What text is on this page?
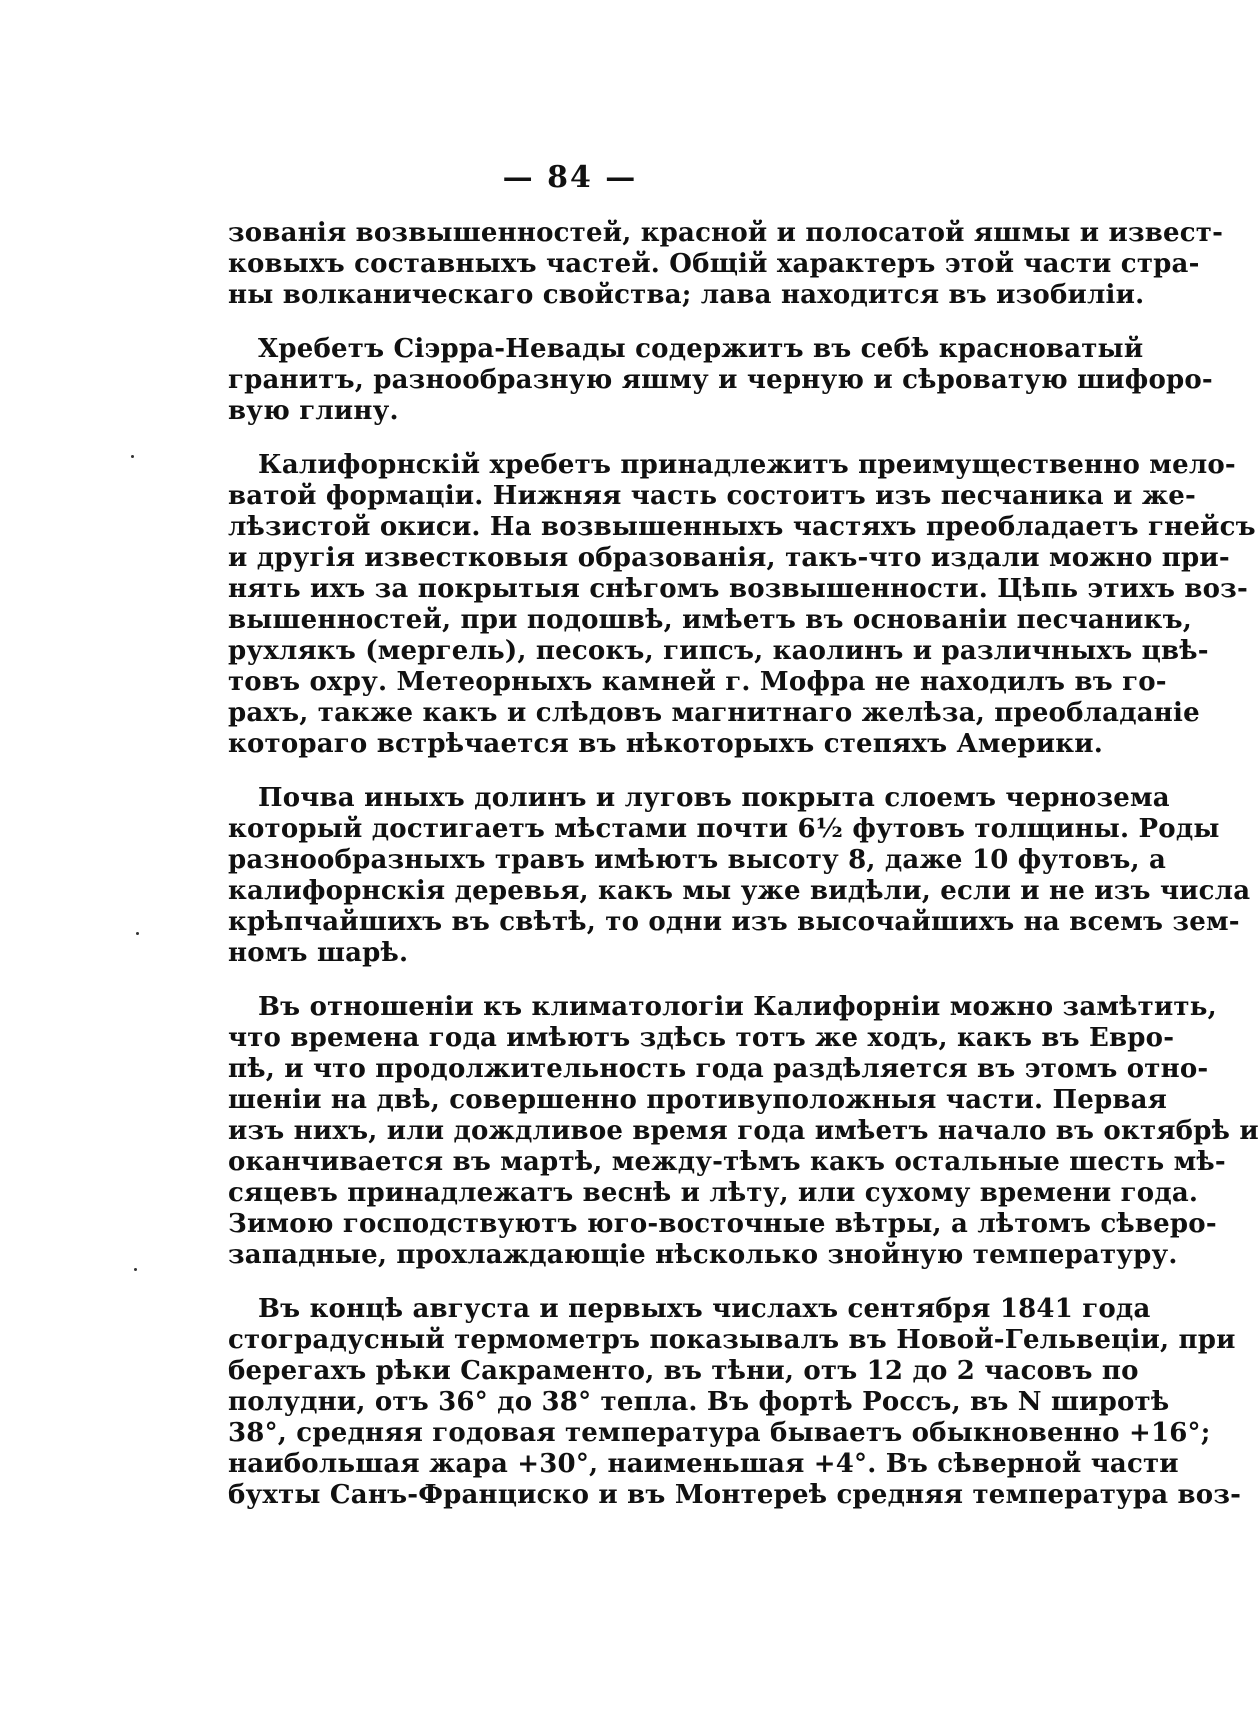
— 84 —
зованія возвышенностей, красной и полосатой яшмы и извест-
ковыхъ составныхъ частей. Общій характеръ этой части стра-
ны волканическаго свойства; лава находится въ изобиліи.
Хребетъ Сіэрра-Невады содержитъ въ себѣ красноватый
гранитъ, разнообразную яшму и черную и сѣроватую шифоро-
вую глину.
Калифорнскій хребетъ принадлежитъ преимущественно мело-
ватой формаціи. Нижняя часть состоитъ изъ песчаника и же-
лѣзистой окиси. На возвышенныхъ частяхъ преобладаетъ гнейсъ
и другія известковыя образованія, такъ-что издали можно при-
нять ихъ за покрытыя снѣгомъ возвышенности. Цѣпь этихъ воз-
вышенностей, при подошвѣ, имѣетъ въ основаніи песчаникъ,
рухлякъ (мергель), песокъ, гипсъ, каолинъ и различныхъ цвѣ-
товъ охру. Метеорныхъ камней г. Мофра не находилъ въ го-
рахъ, также какъ и слѣдовъ магнитнаго желѣза, преобладаніе
котораго встрѣчается въ нѣкоторыхъ степяхъ Америки.
Почва иныхъ долинъ и луговъ покрыта слоемъ чернозема
который достигаетъ мѣстами почти 6½ футовъ толщины. Роды
разнообразныхъ травъ имѣютъ высоту 8, даже 10 футовъ, а
калифорнскія деревья, какъ мы уже видѣли, если и не изъ числа
крѣпчайшихъ въ свѣтѣ, то одни изъ высочайшихъ на всемъ зем-
номъ шарѣ.
Въ отношеніи къ климатологіи Калифорніи можно замѣтить,
что времена года имѣютъ здѣсь тотъ же ходъ, какъ въ Евро-
пѣ, и что продолжительность года раздѣляется въ этомъ отно-
шеніи на двѣ, совершенно противуположныя части. Первая
изъ нихъ, или дождливое время года имѣетъ начало въ октябрѣ и
оканчивается въ мартѣ, между-тѣмъ какъ остальные шесть мѣ-
сяцевъ принадлежатъ веснѣ и лѣту, или сухому времени года.
Зимою господствуютъ юго-восточные вѣтры, а лѣтомъ сѣверо-
западные, прохлаждающіе нѣсколько знойную температуру.
Въ концѣ августа и первыхъ числахъ сентября 1841 года
стоградусный термометръ показывалъ въ Новой-Гельвеціи, при
берегахъ рѣки Сакраменто, въ тѣни, отъ 12 до 2 часовъ по
полудни, отъ 36° до 38° тепла. Въ фортѣ Россъ, въ N широтѣ
38°, средняя годовая температура бываетъ обыкновенно +16°;
наибольшая жара +30°, наименьшая +4°. Въ сѣверной части
бухты Санъ-Франциско и въ Монтереѣ средняя температура воз-
